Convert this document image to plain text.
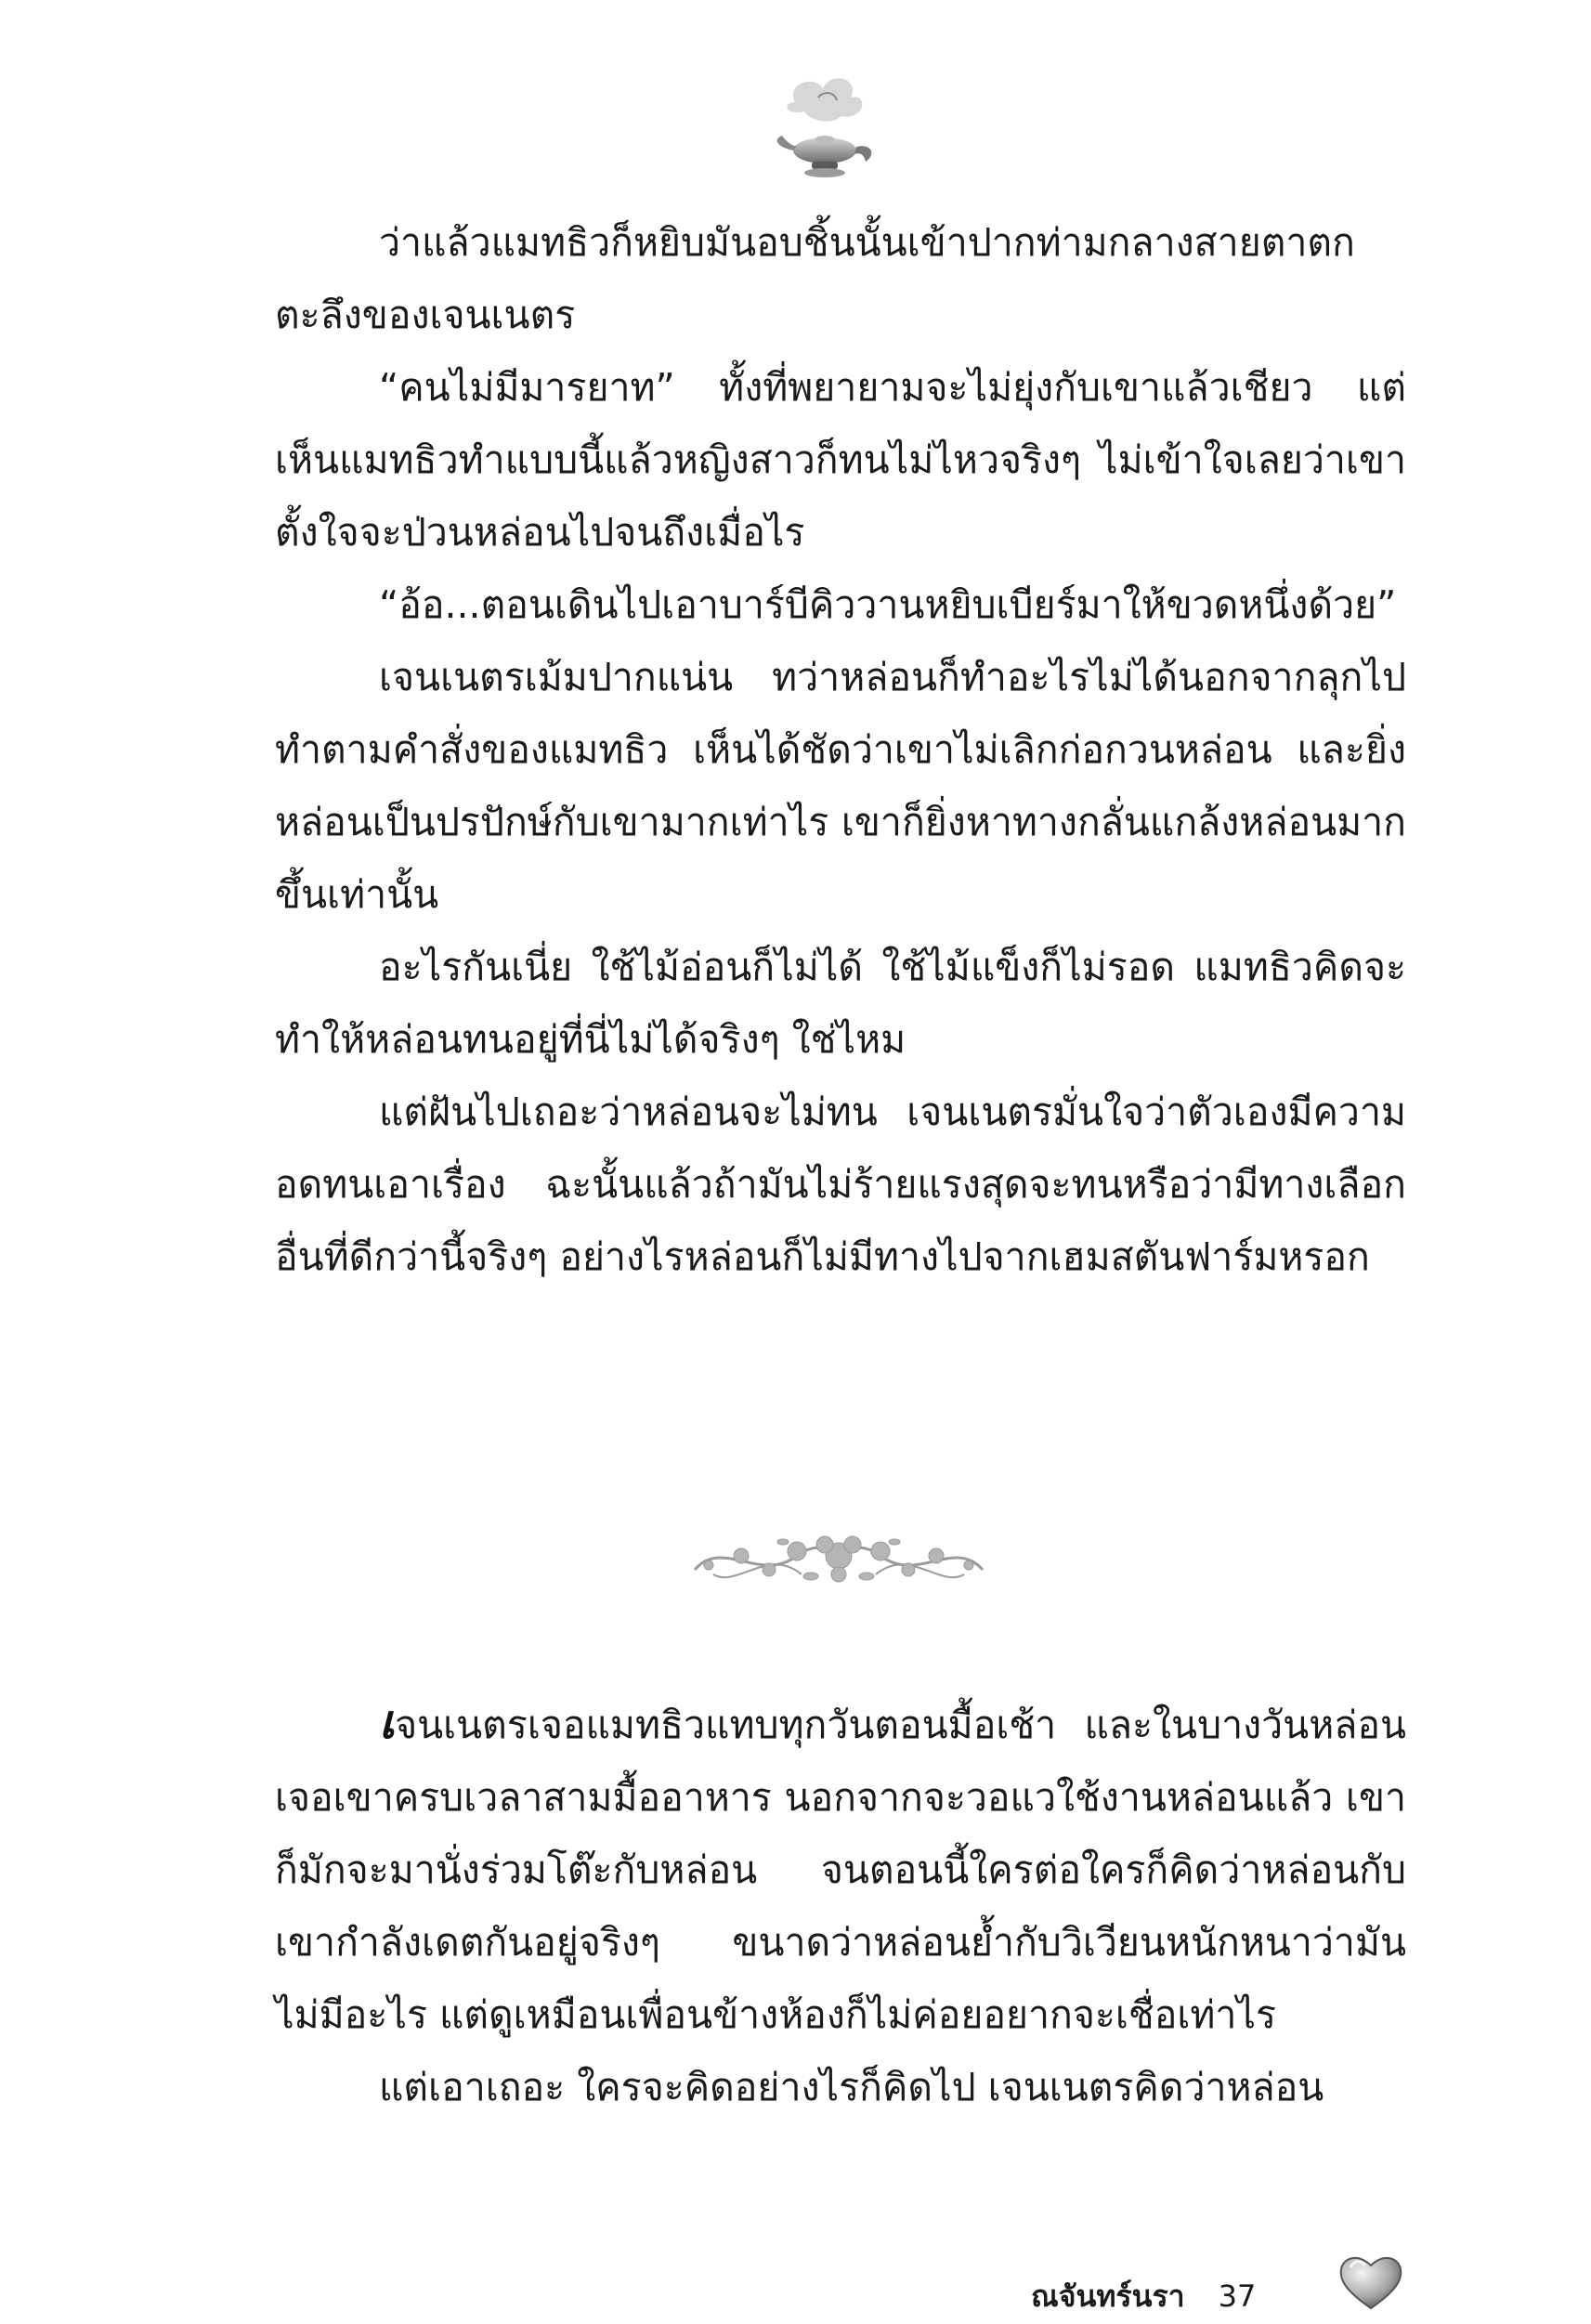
ว่าแล้วแมทธิวก็หยิบมันอบชิ้นนั้นเข้าปากท่ามกลางสายตาตกตะลึงของเจนเนตร

“คนไม่มีมารยาท” ทั้งที่พยายามจะไม่ยุ่งกับเขาแล้วเชียว แต่เห็นแมทธิวทำแบบนี้แล้วหญิงสาวก็ทนไม่ไหวจริงๆ ไม่เข้าใจเลยว่าเขาตั้งใจจะป่วนหล่อนไปจนถึงเมื่อไร

“อ้อ...ตอนเดินไปเอาบาร์บีคิววานหยิบเบียร์มาให้ขวดหนึ่งด้วย”

เจนเนตรเม้มปากแน่น ทว่าหล่อนก็ทำอะไรไม่ได้นอกจากลุกไปทำตามคำสั่งของแมทธิว เห็นได้ชัดว่าเขาไม่เลิกก่อกวนหล่อน และยิ่งหล่อนเป็นปรปักษ์กับเขามากเท่าไร เขาก็ยิ่งหาทางกลั่นแกล้งหล่อนมากขึ้นเท่านั้น

อะไรกันเนี่ย ใช้ไม้อ่อนก็ไม่ได้ ใช้ไม้แข็งก็ไม่รอด แมทธิวคิดจะทำให้หล่อนทนอยู่ที่นี่ไม่ได้จริงๆ ใช่ไหม

แต่ฝันไปเถอะว่าหล่อนจะไม่ทน เจนเนตรมั่นใจว่าตัวเองมีความอดทนเอาเรื่อง ฉะนั้นแล้วถ้ามันไม่ร้ายแรงสุดจะทนหรือว่ามีทางเลือกอื่นที่ดีกว่านี้จริงๆ อย่างไรหล่อนก็ไม่มีทางไปจากเฮมสตันฟาร์มหรอก

เจนเนตรเจอแมทธิวแทบทุกวันตอนมื้อเช้า และในบางวันหล่อนเจอเขาครบเวลาสามมื้ออาหาร นอกจากจะวอแวใช้งานหล่อนแล้ว เขาก็มักจะมานั่งร่วมโต๊ะกับหล่อน จนตอนนี้ใครต่อใครก็คิดว่าหล่อนกับเขากำลังเดตกันอยู่จริงๆ ขนาดว่าหล่อนย้ำกับวิเวียนหนักหนาว่ามันไม่มีอะไร แต่ดูเหมือนเพื่อนข้างห้องก็ไม่ค่อยอยากจะเชื่อเท่าไร

แต่เอาเถอะ ใครจะคิดอย่างไรก็คิดไป เจนเนตรคิดว่าหล่อน

ณจันทร์นรา 37
